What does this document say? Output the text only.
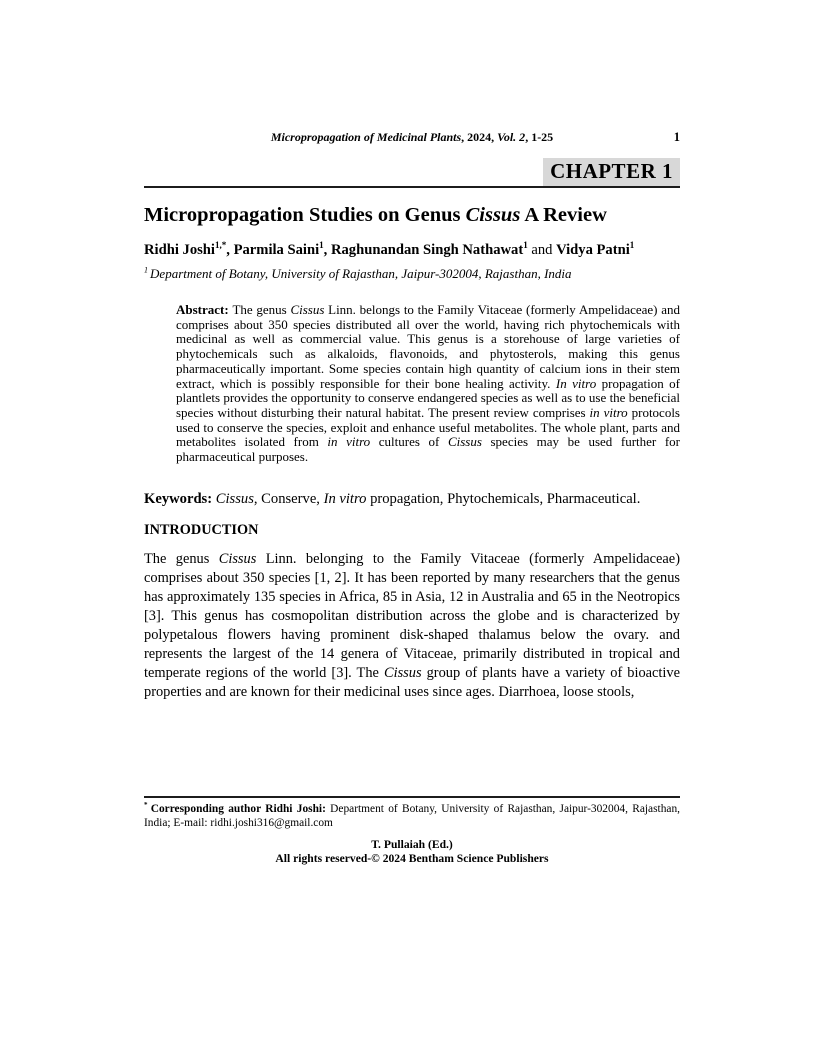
Micropropagation of Medicinal Plants, 2024, Vol. 2, 1-25	1
CHAPTER 1
Micropropagation Studies on Genus Cissus A Review

Ridhi Joshi$^{1,*}$, Parmila Saini$^1$, Raghunandan Singh Nathawat$^1$ and Vidya Patni$^1$

$^1$ Department of Botany, University of Rajasthan, Jaipur-302004, Rajasthan, India

Abstract: The genus Cissus Linn. belongs to the Family Vitaceae (formerly Ampelidaceae) and comprises about 350 species distributed all over the world, having rich phytochemicals with medicinal as well as commercial value. This genus is a storehouse of large varieties of phytochemicals such as alkaloids, flavonoids, and phytosterols, making this genus pharmaceutically important. Some species contain high quantity of calcium ions in their stem extract, which is possibly responsible for their bone healing activity. In vitro propagation of plantlets provides the opportunity to conserve endangered species as well as to use the beneficial species without disturbing their natural habitat. The present review comprises in vitro protocols used to conserve the species, exploit and enhance useful metabolites. The whole plant, parts and metabolites isolated from in vitro cultures of Cissus species may be used further for pharmaceutical purposes.

Keywords: Cissus, Conserve, In vitro propagation, Phytochemicals, Pharmaceutical.

INTRODUCTION

The genus Cissus Linn. belonging to the Family Vitaceae (formerly Ampelidaceae) comprises about 350 species [1, 2]. It has been reported by many researchers that the genus has approximately 135 species in Africa, 85 in Asia, 12 in Australia and 65 in the Neotropics [3]. This genus has cosmopolitan distribution across the globe and is characterized by polypetalous flowers having prominent disk-shaped thalamus below the ovary. and represents the largest of the 14 genera of Vitaceae, primarily distributed in tropical and temperate regions of the world [3]. The Cissus group of plants have a variety of bioactive properties and are known for their medicinal uses since ages. Diarrhoea, loose stools,

* Corresponding author Ridhi Joshi: Department of Botany, University of Rajasthan, Jaipur-302004, Rajasthan, India; E-mail: ridhi.joshi316@gmail.com

T. Pullaiah (Ed.)

All rights reserved-© 2024 Bentham Science Publishers
